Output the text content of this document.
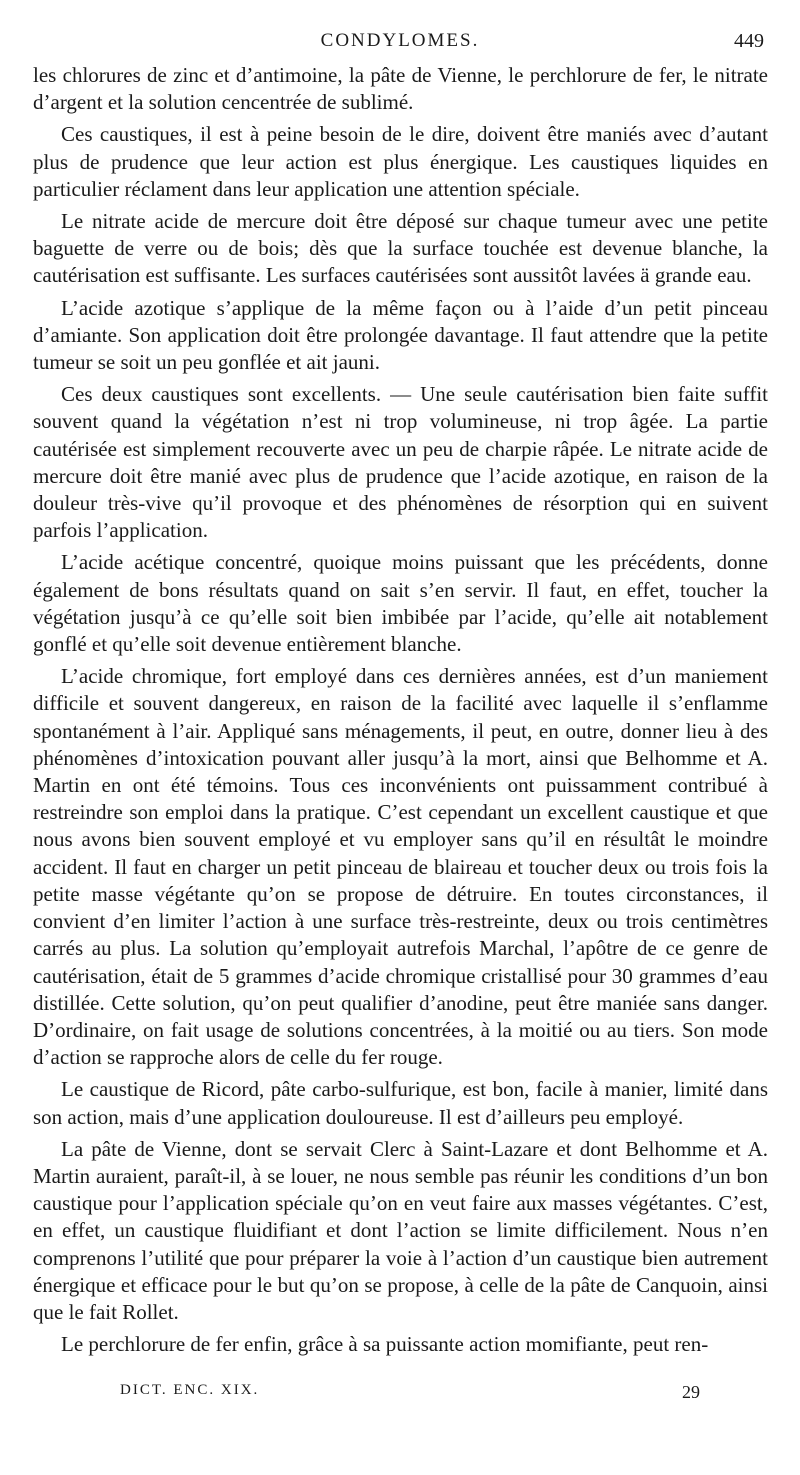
CONDYLOMES.	449

les chlorures de zinc et d’antimoine, la pâte de Vienne, le perchlorure de fer, le nitrate d’argent et la solution cencentrée de sublimé.

Ces caustiques, il est à peine besoin de le dire, doivent être maniés avec d’autant plus de prudence que leur action est plus énergique. Les caustiques liquides en particulier réclament dans leur application une attention spéciale.

Le nitrate acide de mercure doit être déposé sur chaque tumeur avec une petite baguette de verre ou de bois; dès que la surface touchée est devenue blanche, la cautérisation est suffisante. Les surfaces cautérisées sont aussitôt lavées ä grande eau.

L’acide azotique s’applique de la même façon ou à l’aide d’un petit pinceau d’amiante. Son application doit être prolongée davantage. Il faut attendre que la petite tumeur se soit un peu gonflée et ait jauni.

Ces deux caustiques sont excellents. — Une seule cautérisation bien faite suffit souvent quand la végétation n’est ni trop volumineuse, ni trop âgée. La partie cautérisée est simplement recouverte avec un peu de charpie râpée. Le nitrate acide de mercure doit être manié avec plus de prudence que l’acide azotique, en raison de la douleur très-vive qu’il provoque et des phénomènes de résorption qui en suivent parfois l’application.

L’acide acétique concentré, quoique moins puissant que les précédents, donne également de bons résultats quand on sait s’en servir. Il faut, en effet, toucher la végétation jusqu’à ce qu’elle soit bien imbibée par l’acide, qu’elle ait notablement gonflé et qu’elle soit devenue entièrement blanche.

L’acide chromique, fort employé dans ces dernières années, est d’un maniement difficile et souvent dangereux, en raison de la facilité avec laquelle il s’enflamme spontanément à l’air. Appliqué sans ménagements, il peut, en outre, donner lieu à des phénomènes d’intoxication pouvant aller jusqu’à la mort, ainsi que Belhomme et A. Martin en ont été témoins. Tous ces inconvénients ont puissamment contribué à restreindre son emploi dans la pratique. C’est cependant un excellent caustique et que nous avons bien souvent employé et vu employer sans qu’il en résultât le moindre accident. Il faut en charger un petit pinceau de blaireau et toucher deux ou trois fois la petite masse végétante qu’on se propose de détruire. En toutes circonstances, il convient d’en limiter l’action à une surface très-restreinte, deux ou trois centimètres carrés au plus. La solution qu’employait autrefois Marchal, l’apôtre de ce genre de cautérisation, était de 5 grammes d’acide chromique cristallisé pour 30 grammes d’eau distillée. Cette solution, qu’on peut qualifier d’anodine, peut être maniée sans danger. D’ordinaire, on fait usage de solutions concentrées, à la moitié ou au tiers. Son mode d’action se rapproche alors de celle du fer rouge.

Le caustique de Ricord, pâte carbo-sulfurique, est bon, facile à manier, limité dans son action, mais d’une application douloureuse. Il est d’ailleurs peu employé.

La pâte de Vienne, dont se servait Clerc à Saint-Lazare et dont Belhomme et A. Martin auraient, paraît-il, à se louer, ne nous semble pas réunir les conditions d’un bon caustique pour l’application spéciale qu’on en veut faire aux masses végétantes. C’est, en effet, un caustique fluidifiant et dont l’action se limite difficilement. Nous n’en comprenons l’utilité que pour préparer la voie à l’action d’un caustique bien autrement énergique et efficace pour le but qu’on se propose, à celle de la pâte de Canquoin, ainsi que le fait Rollet.

Le perchlorure de fer enfin, grâce à sa puissante action momifiante, peut ren-

DICT. ENC. XIX.	29
